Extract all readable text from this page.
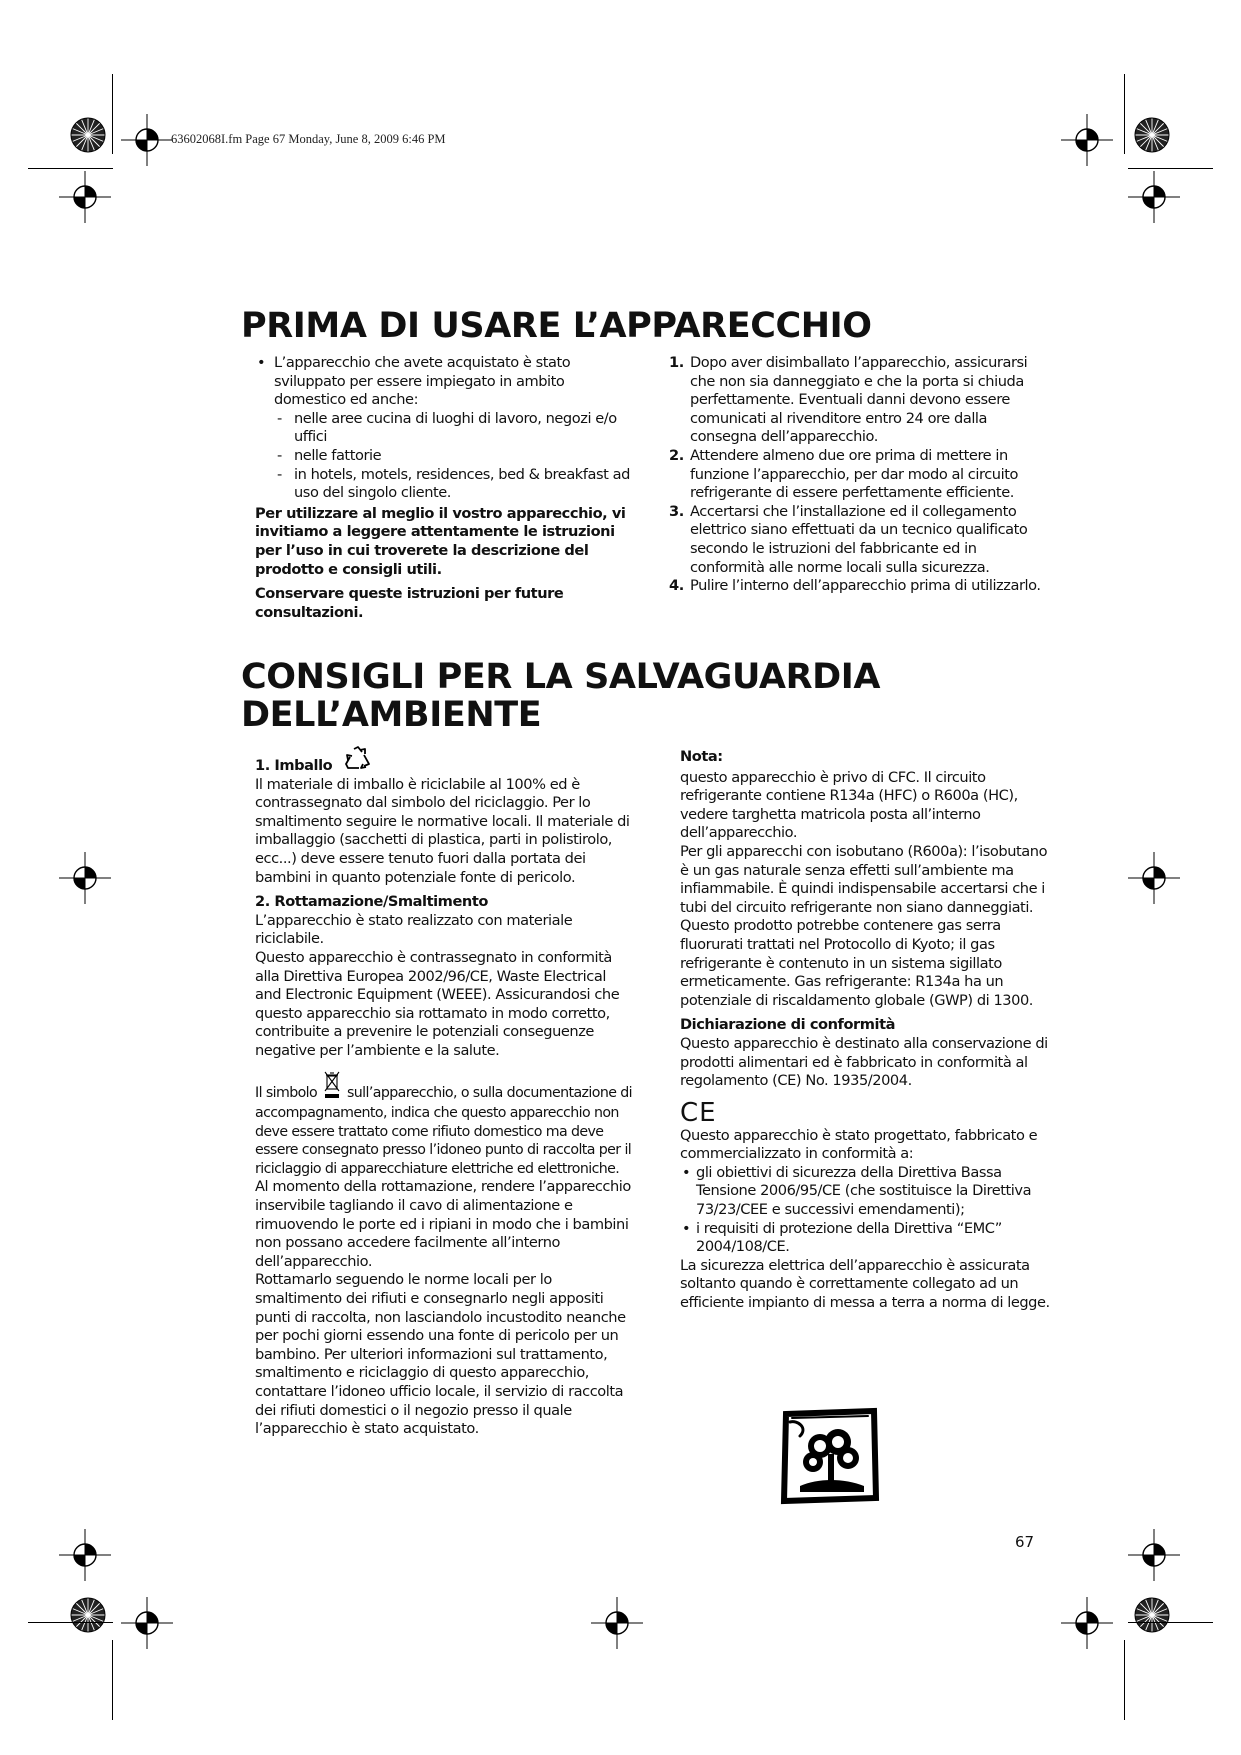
63602068I.fm Page 67 Monday, June 8, 2009 6:46 PM
PRIMA DI USARE L’APPARECCHIO
• L’apparecchio che avete acquistato è stato sviluppato per essere impiegato in ambito domestico ed anche:
- nelle aree cucina di luoghi di lavoro, negozi e/o uffici
- nelle fattorie
- in hotels, motels, residences, bed & breakfast ad uso del singolo cliente.

Per utilizzare al meglio il vostro apparecchio, vi invitiamo a leggere attentamente le istruzioni per l’uso in cui troverete la descrizione del prodotto e consigli utili.

Conservare queste istruzioni per future consultazioni.

1. Dopo aver disimballato l’apparecchio, assicurarsi che non sia danneggiato e che la porta si chiuda perfettamente. Eventuali danni devono essere comunicati al rivenditore entro 24 ore dalla consegna dell’apparecchio.
2. Attendere almeno due ore prima di mettere in funzione l’apparecchio, per dar modo al circuito refrigerante di essere perfettamente efficiente.
3. Accertarsi che l’installazione ed il collegamento elettrico siano effettuati da un tecnico qualificato secondo le istruzioni del fabbricante ed in conformità alle norme locali sulla sicurezza.
4. Pulire l’interno dell’apparecchio prima di utilizzarlo.
CONSIGLI PER LA SALVAGUARDIA
DELL’AMBIENTE
1. Imballo

Il materiale di imballo è riciclabile al 100% ed è contrassegnato dal simbolo del riciclaggio. Per lo smaltimento seguire le normative locali. Il materiale di imballaggio (sacchetti di plastica, parti in polistirolo, ecc...) deve essere tenuto fuori dalla portata dei bambini in quanto potenziale fonte di pericolo.

2. Rottamazione/Smaltimento

L’apparecchio è stato realizzato con materiale riciclabile.

Questo apparecchio è contrassegnato in conformità alla Direttiva Europea 2002/96/CE, Waste Electrical and Electronic Equipment (WEEE). Assicurandosi che questo apparecchio sia rottamato in modo corretto, contribuite a prevenire le potenziali conseguenze negative per l’ambiente e la salute.

Il simbolo sull’apparecchio, o sulla documentazione di accompagnamento, indica che questo apparecchio non deve essere trattato come rifiuto domestico ma deve essere consegnato presso l’idoneo punto di raccolta per il riciclaggio di apparecchiature elettriche ed elettroniche.

Al momento della rottamazione, rendere l’apparecchio inservibile tagliando il cavo di alimentazione e rimuovendo le porte ed i ripiani in modo che i bambini non possano accedere facilmente all’interno dell’apparecchio.

Rottamarlo seguendo le norme locali per lo smaltimento dei rifiuti e consegnarlo negli appositi punti di raccolta, non lasciandolo incustodito neanche per pochi giorni essendo una fonte di pericolo per un bambino. Per ulteriori informazioni sul trattamento, smaltimento e riciclaggio di questo apparecchio, contattare l’idoneo ufficio locale, il servizio di raccolta dei rifiuti domestici o il negozio presso il quale l’apparecchio è stato acquistato.

Nota:

questo apparecchio è privo di CFC. Il circuito refrigerante contiene R134a (HFC) o R600a (HC), vedere targhetta matricola posta all’interno dell’apparecchio.

Per gli apparecchi con isobutano (R600a): l’isobutano è un gas naturale senza effetti sull’ambiente ma infiammabile. È quindi indispensabile accertarsi che i tubi del circuito refrigerante non siano danneggiati.

Questo prodotto potrebbe contenere gas serra fluorurati trattati nel Protocollo di Kyoto; il gas refrigerante è contenuto in un sistema sigillato ermeticamente. Gas refrigerante: R134a ha un potenziale di riscaldamento globale (GWP) di 1300.

Dichiarazione di conformità

Questo apparecchio è destinato alla conservazione di prodotti alimentari ed è fabbricato in conformità al regolamento (CE) No. 1935/2004.

CE

Questo apparecchio è stato progettato, fabbricato e commercializzato in conformità a:

• gli obiettivi di sicurezza della Direttiva Bassa Tensione 2006/95/CE (che sostituisce la Direttiva 73/23/CEE e successivi emendamenti);
• i requisiti di protezione della Direttiva “EMC” 2004/108/CE.

La sicurezza elettrica dell’apparecchio è assicurata soltanto quando è correttamente collegato ad un efficiente impianto di messa a terra a norma di legge.

67
